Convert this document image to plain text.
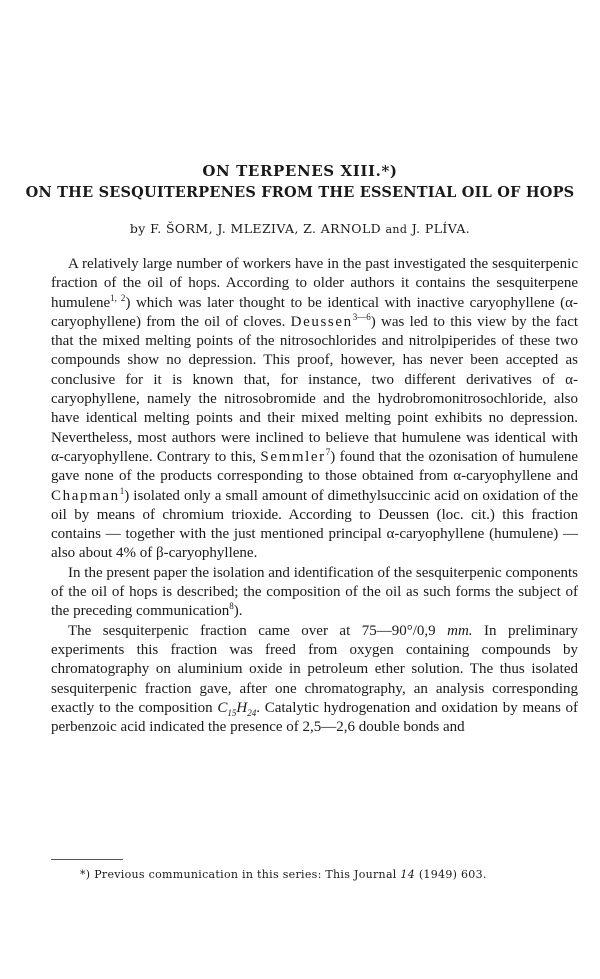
ON TERPENES XIII.*)

ON THE SESQUITERPENES FROM THE ESSENTIAL OIL OF HOPS

by F. ŠORM, J. MLEZIVA, Z. ARNOLD and J. PLÍVA.

A relatively large number of workers have in the past investigated the sesquiterpenic fraction of the oil of hops. According to older authors it contains the sesquiterpene humulene$^{1, 2}$) which was later thought to be identical with inactive caryophyllene (α-caryophyllene) from the oil of cloves. Deussen$^{3—6}$) was led to this view by the fact that the mixed melting points of the nitrosochlorides and nitrolpiperides of these two compounds show no depression. This proof, however, has never been accepted as conclusive for it is known that, for instance, two different derivatives of α-caryophyllene, namely the nitrosobromide and the hydrobromonitrosochloride, also have identical melting points and their mixed melting point exhibits no depression. Nevertheless, most authors were inclined to believe that humulene was identical with α-caryophyllene. Contrary to this, Semmler$^7$) found that the ozonisation of humulene gave none of the products corresponding to those obtained from α-caryophyllene and Chapman$^1$) isolated only a small amount of dimethylsuccinic acid on oxidation of the oil by means of chromium trioxide. According to Deussen (loc. cit.) this fraction contains — together with the just mentioned principal α-caryophyllene (humulene) — also about 4% of β-caryophyllene.

In the present paper the isolation and identification of the sesquiterpenic components of the oil of hops is described; the composition of the oil as such forms the subject of the preceding communication$^8$).

The sesquiterpenic fraction came over at 75—90°/0,9 mm. In preliminary experiments this fraction was freed from oxygen containing compounds by chromatography on aluminium oxide in petroleum ether solution. The thus isolated sesquiterpenic fraction gave, after one chromatography, an analysis corresponding exactly to the composition $C_{15}H_{24}$. Catalytic hydrogenation and oxidation by means of perbenzoic acid indicated the presence of 2,5—2,6 double bonds and

*) Previous communication in this series: This Journal 14 (1949) 603.
